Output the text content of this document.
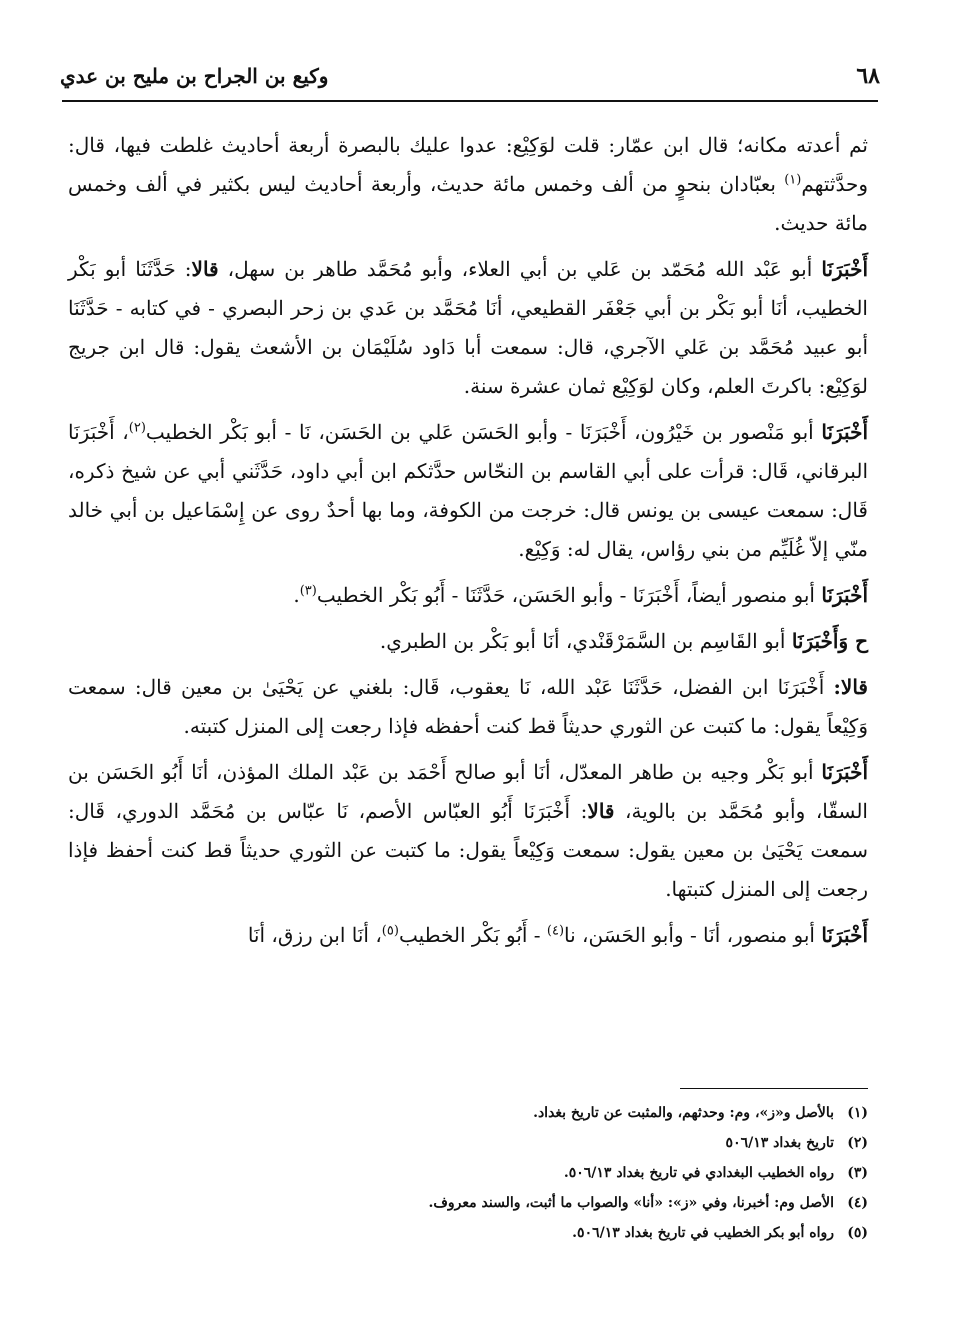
٦٨
وكيع بن الجراح بن مليح بن عدي

ثم أعدته مكانه؛ قال ابن عمّار: قلت لوَكِيْع: عدوا عليك بالبصرة أربعة أحاديث غلطت فيها، قال: وحدَّثتهم$^{(١)}$ بعبّادان بنحوٍ من ألف وخمس مائة حديث، وأربعة أحاديث ليس بكثير في ألف وخمس مائة حديث.

أَخْبَرَنَا أبو عَبْد الله مُحَمّد بن عَلي بن أبي العلاء، وأبو مُحَمَّد طاهر بن سهل، قالا: حَدَّثَنَا أبو بَكْر الخطيب، أنَا أبو بَكْر بن أبي جَعْفَر القطيعي، أنَا مُحَمَّد بن عَدي بن زحر البصري - في كتابه - حَدَّثَنَا أبو عبيد مُحَمَّد بن عَلي الآجري، قال: سمعت أبا دَاود سُلَيْمَان بن الأشعث يقول: قال ابن جريج لوَكِيْع: باكرتَ العلم، وكان لوَكِيْع ثمان عشرة سنة.

أَخْبَرَنَا أبو مَنْصور بن خَيْرُون، أَخْبَرَنَا - وأبو الحَسَن عَلي بن الحَسَن، نَا - أبو بَكْر الخطيب$^{(٢)}$، أَخْبَرَنَا البرقاني، قَال: قرأت على أبي القاسم بن النحّاس حدَّثكم ابن أبي داود، حَدَّثَني أبي عن شيخ ذكره، قَال: سمعت عيسى بن يونس قال: خرجت من الكوفة، وما بها أحدٌ روى عن إِسْمَاعيل بن أبي خالد منّي إلاّ غُلَيِّم من بني رؤاس، يقال له: وَكِيْع.

أَخْبَرَنَا أبو منصور أيضاً، أَخْبَرَنَا - وأبو الحَسَن، حَدَّثَنَا - أَبُو بَكْر الخطيب$^{(٣)}$.

ح وَأَخْبَرَنَا أبو القَاسِم بن السَّمَرْقَنْدي، أنَا أبو بَكْر بن الطبري.

قالا: أَخْبَرَنَا ابن الفضل، حَدَّثَنَا عَبْد الله، نَا يعقوب، قَال: بلغني عن يَحْيَىٰ بن معين قال: سمعت وَكِيْعاً يقول: ما كتبت عن الثوري حديثاً قط كنت أحفظه فإذا رجعت إلى المنزل كتبته.

أَخْبَرَنَا أبو بَكْر وجيه بن طاهر المعدّل، أنَا أبو صالح أَحْمَد بن عَبْد الملك المؤذن، أنَا أَبُو الحَسَن بن السقّا، وأبو مُحَمَّد بن بالوية، قالا: أَخْبَرَنَا أَبُو العبّاس الأصم، نَا عبّاس بن مُحَمَّد الدوري، قَال: سمعت يَحْيَىٰ بن معين يقول: سمعت وَكِيْعاً يقول: ما كتبت عن الثوري حديثاً قط كنت أحفظ فإذا رجعت إلى المنزل كتبتها.

أَخْبَرَنَا أبو منصور، أنَا - وأبو الحَسَن، نا$^{(٤)}$ - أَبُو بَكْر الخطيب$^{(٥)}$، أنَا ابن رزق، أنَا

(١)بالأصل و«ز»، وم: وحدثهم، والمثبت عن تاريخ بغداد.

(٢)تاريخ بغداد ٥٠٦/١٣

(٣)رواه الخطيب البغدادي في تاريخ بغداد ٥٠٦/١٣.

(٤)الأصل وم: أخبرنا، وفي «ز»: «أنا» والصواب ما أثبت، والسند معروف.

(٥)رواه أبو بكر الخطيب في تاريخ بغداد ٥٠٦/١٣.
